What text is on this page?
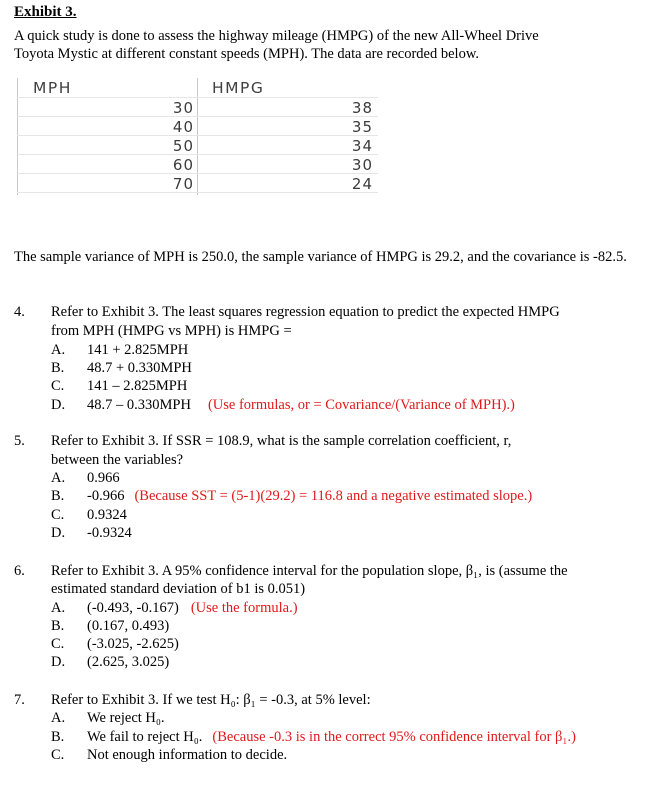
Exhibit 3.
A quick study is done to assess the highway mileage (HMPG) of the new All-Wheel Drive
Toyota Mystic at different constant speeds (MPH). The data are recorded below.
MPH	HMPG
30	38
40	35
50	34
60	30
70	24
The sample variance of MPH is 250.0, the sample variance of HMPG is 29.2, and the covariance is -82.5.
4. Refer to Exhibit 3. The least squares regression equation to predict the expected HMPG
from MPH (HMPG vs MPH) is HMPG =
A. 141 + 2.825MPH
B. 48.7 + 0.330MPH
C. 141 – 2.825MPH
D. 48.7 – 0.330MPH (Use formulas, or = Covariance/(Variance of MPH).)
5. Refer to Exhibit 3. If SSR = 108.9, what is the sample correlation coefficient, r,
between the variables?
A. 0.966
B. -0.966 (Because SST = (5-1)(29.2) = 116.8 and a negative estimated slope.)
C. 0.9324
D. -0.9324
6. Refer to Exhibit 3. A 95% confidence interval for the population slope, β₁, is (assume the
estimated standard deviation of b1 is 0.051)
A. (-0.493, -0.167) (Use the formula.)
B. (0.167, 0.493)
C. (-3.025, -2.625)
D. (2.625, 3.025)
7. Refer to Exhibit 3. If we test H₀: β₁ = -0.3, at 5% level:
A. We reject H₀.
B. We fail to reject H₀. (Because -0.3 is in the correct 95% confidence interval for β₁.)
C. Not enough information to decide.
